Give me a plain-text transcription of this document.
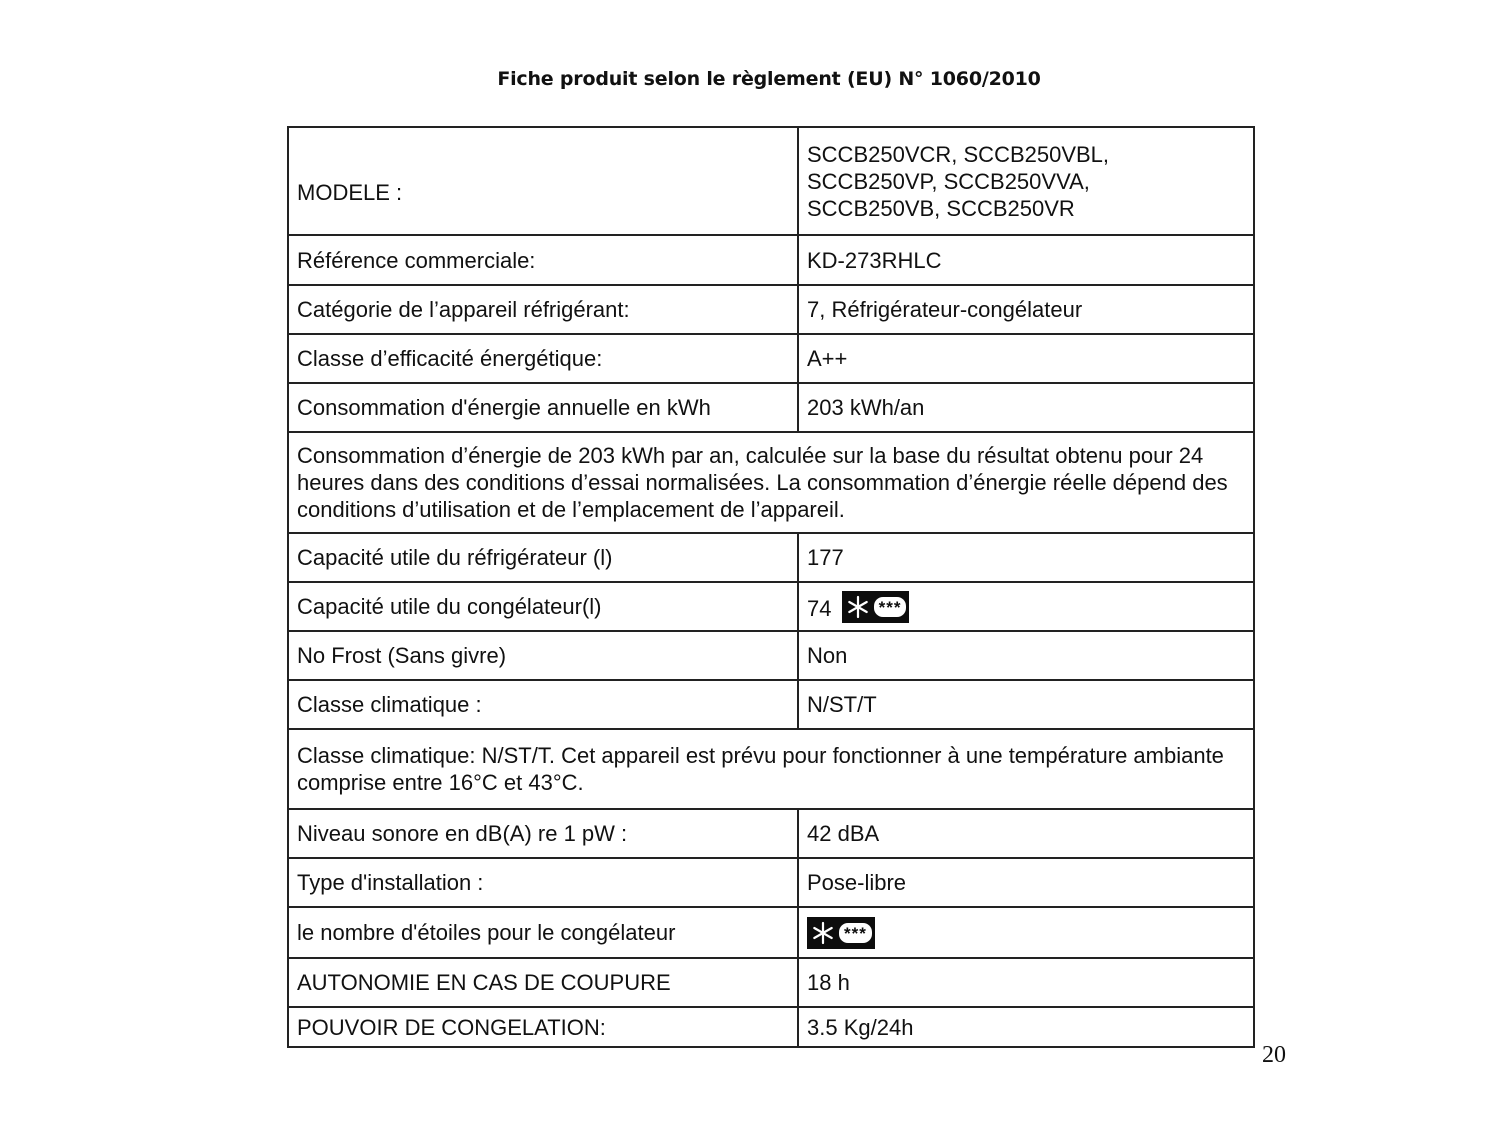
Fiche produit selon le règlement (EU) N° 1060/2010
MODELE :	SCCB250VCR, SCCB250VBL,
SCCB250VP, SCCB250VVA,
SCCB250VB, SCCB250VR

Référence commerciale:	KD-273RHLC
Catégorie de l’appareil réfrigérant:	7, Réfrigérateur-congélateur
Classe d’efficacité énergétique:	A++
Consommation d'énergie annuelle en kWh	203 kWh/an
Consommation d’énergie de 203 kWh par an, calculée sur la base du résultat obtenu pour 24 heures dans des conditions d’essai normalisées. La consommation d’énergie réelle dépend des conditions d’utilisation et de l’emplacement de l’appareil.	
Capacité utile du réfrigérateur (l)	177
Capacité utile du congélateur(l)	74 ***

No Frost (Sans givre)	Non
Classe climatique :	N/ST/T
Classe climatique: N/ST/T. Cet appareil est prévu pour fonctionner à une température ambiante comprise entre 16°C et 43°C.	
Niveau sonore en dB(A) re 1 pW :	42 dBA
Type d'installation :	Pose-libre
le nombre d'étoiles pour le congélateur	***

AUTONOMIE EN CAS DE COUPURE	18 h
POUVOIR DE CONGELATION:	3.5 Kg/24h
20
